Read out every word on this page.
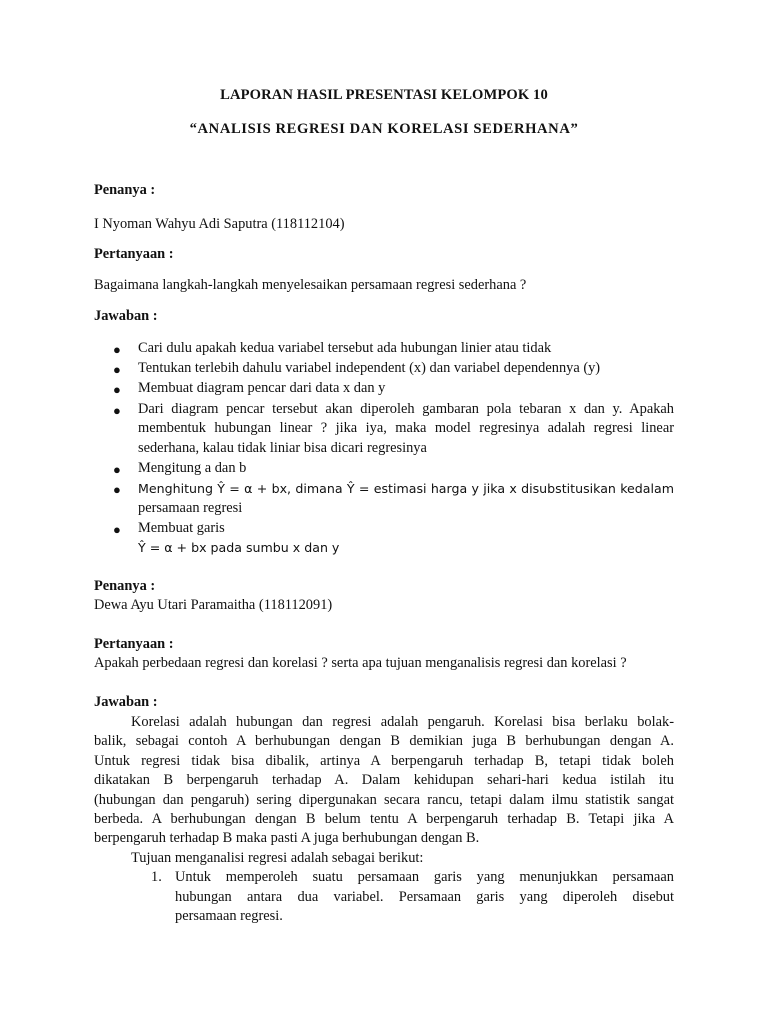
LAPORAN HASIL PRESENTASI KELOMPOK 10
“ANALISIS REGRESI DAN KORELASI SEDERHANA”
Penanya :
I Nyoman Wahyu Adi Saputra (118112104)
Pertanyaan :
Bagaimana langkah-langkah menyelesaikan persamaan regresi sederhana ?
Jawaban :
● Cari dulu apakah kedua variabel tersebut ada hubungan linier atau tidak
● Tentukan terlebih dahulu variabel independent (x) dan variabel dependennya (y)
● Membuat diagram pencar dari data x dan y
● Dari diagram pencar tersebut akan diperoleh gambaran pola tebaran x dan y. Apakah
membentuk hubungan linear ? jika iya, maka model regresinya adalah regresi linear
sederhana, kalau tidak liniar bisa dicari regresinya
● Mengitung a dan b
● Menghitung Ŷ = α + bx, dimana Ŷ = estimasi harga y jika x disubstitusikan kedalam
persamaan regresi
● Membuat garis
Ŷ = α + bx pada sumbu x dan y
Penanya :
Dewa Ayu Utari Paramaitha (118112091)
Pertanyaan :
Apakah perbedaan regresi dan korelasi ? serta apa tujuan menganalisis regresi dan korelasi ?
Jawaban :
Korelasi adalah hubungan dan regresi adalah pengaruh. Korelasi bisa berlaku bolak-
balik, sebagai contoh A berhubungan dengan B demikian juga B berhubungan dengan A.
Untuk regresi tidak bisa dibalik, artinya A berpengaruh terhadap B, tetapi tidak boleh
dikatakan B berpengaruh terhadap A. Dalam kehidupan sehari-hari kedua istilah itu
(hubungan dan pengaruh) sering dipergunakan secara rancu, tetapi dalam ilmu statistik sangat
berbeda. A berhubungan dengan B belum tentu A berpengaruh terhadap B. Tetapi jika A
berpengaruh terhadap B maka pasti A juga berhubungan dengan B.
Tujuan menganalisi regresi adalah sebagai berikut:
1. Untuk memperoleh suatu persamaan garis yang menunjukkan persamaan
hubungan antara dua variabel. Persamaan garis yang diperoleh disebut
persamaan regresi.
